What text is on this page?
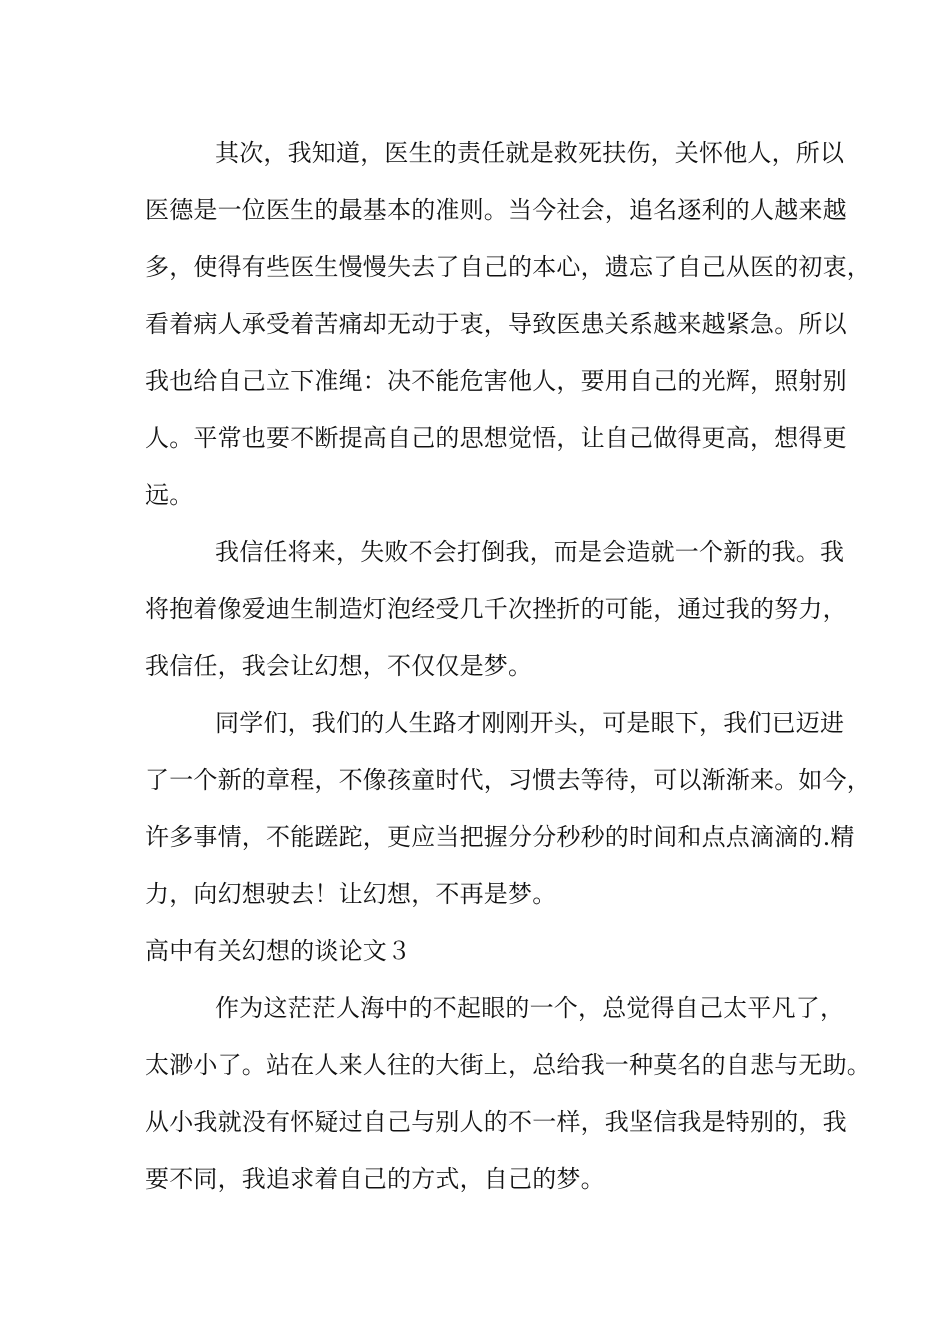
其次，我知道，医生的责任就是救死扶伤，关怀他人，所以
医德是一位医生的最基本的准则。当今社会，追名逐利的人越来越
多，使得有些医生慢慢失去了自己的本心，遗忘了自己从医的初衷，
看着病人承受着苦痛却无动于衷，导致医患关系越来越紧急。所以
我也给自己立下准绳：决不能危害他人，要用自己的光辉，照射别
人。平常也要不断提高自己的思想觉悟，让自己做得更高，想得更
远。
我信任将来，失败不会打倒我，而是会造就一个新的我。我
将抱着像爱迪生制造灯泡经受几千次挫折的可能，通过我的努力，
我信任，我会让幻想，不仅仅是梦。
同学们，我们的人生路才刚刚开头，可是眼下，我们已迈进
了一个新的章程，不像孩童时代，习惯去等待，可以渐渐来。如今，
许多事情，不能蹉跎，更应当把握分分秒秒的时间和点点滴滴的.精
力，向幻想驶去！让幻想，不再是梦。
高中有关幻想的谈论文３
作为这茫茫人海中的不起眼的一个，总觉得自己太平凡了，
太渺小了。站在人来人往的大街上，总给我一种莫名的自悲与无助。
从小我就没有怀疑过自己与别人的不一样，我坚信我是特别的，我
要不同，我追求着自己的方式，自己的梦。
